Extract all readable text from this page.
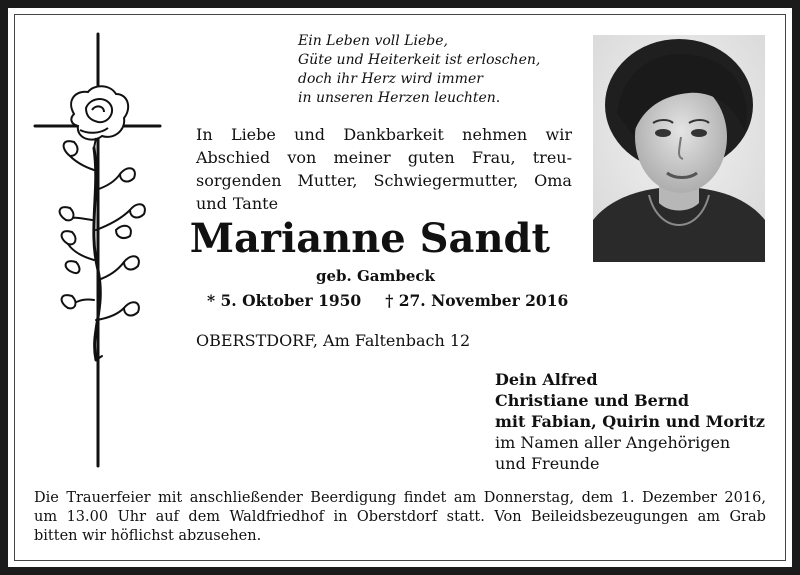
Ein Leben voll Liebe,
Güte und Heiterkeit ist erloschen,
doch ihr Herz wird immer
in unseren Herzen leuchten.
In Liebe und Dankbarkeit nehmen wir
Abschied von meiner guten Frau, treu-
sorgenden Mutter, Schwiegermutter, Oma
und Tante
Marianne Sandt
geb. Gambeck
* 5. Oktober 1950 † 27. November 2016
OBERSTDORF, Am Faltenbach 12
Dein Alfred
Christiane und Bernd
mit Fabian, Quirin und Moritz
im Namen aller Angehörigen
und Freunde
Die Trauerfeier mit anschließender Beerdigung findet am Donnerstag, dem 1. Dezember 2016,
um 13.00 Uhr auf dem Waldfriedhof in Oberstdorf statt. Von Beileidsbezeugungen am Grab
bitten wir höflichst abzusehen.
